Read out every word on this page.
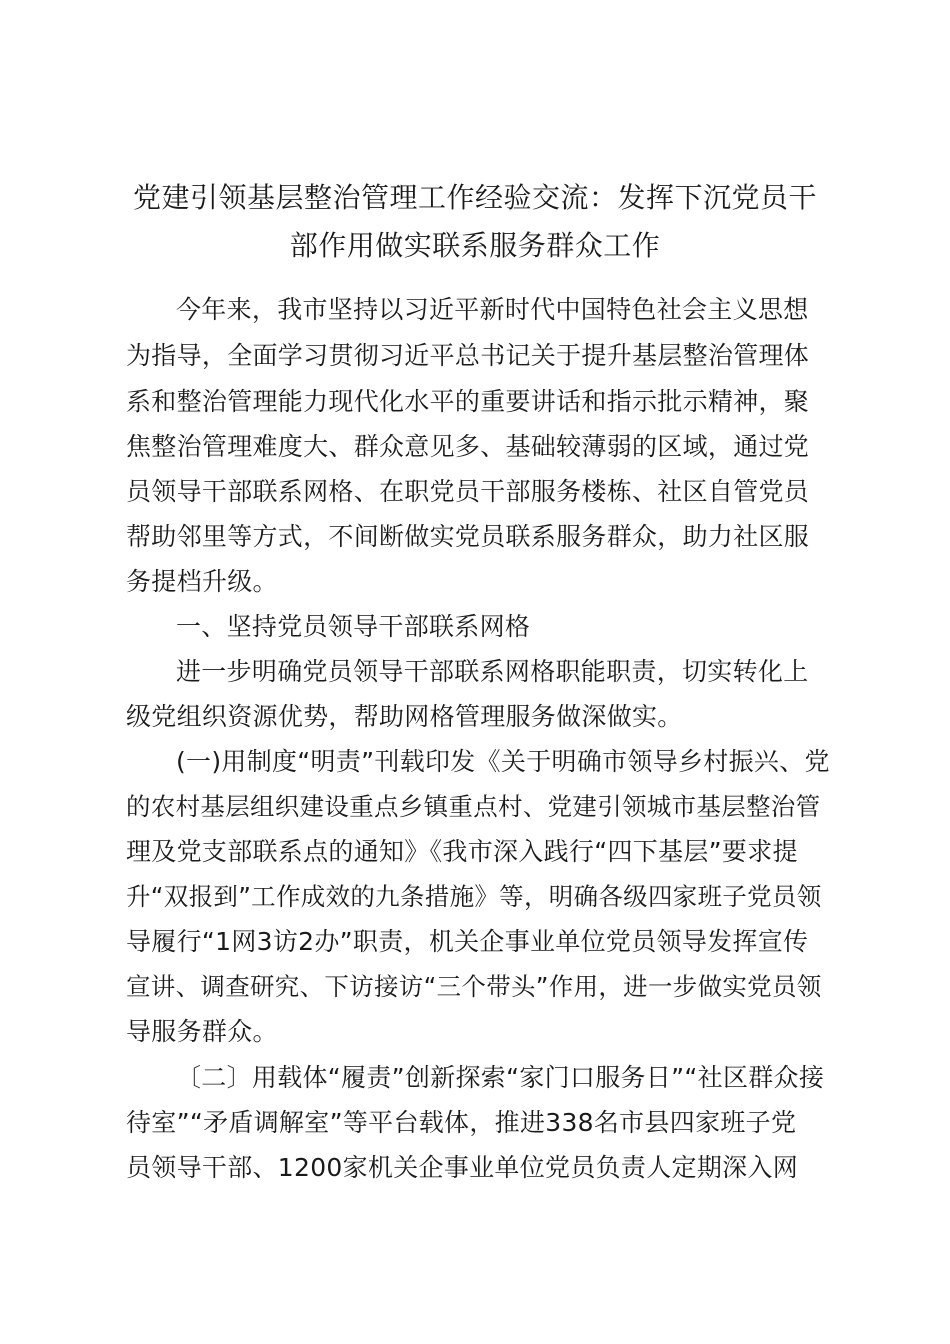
党建引领基层整治管理工作经验交流：发挥下沉党员干
部作用做实联系服务群众工作
今年来，我市坚持以习近平新时代中国特色社会主义思想
为指导，全面学习贯彻习近平总书记关于提升基层整治管理体
系和整治管理能力现代化水平的重要讲话和指示批示精神，聚
焦整治管理难度大、群众意见多、基础较薄弱的区域，通过党
员领导干部联系网格、在职党员干部服务楼栋、社区自管党员
帮助邻里等方式，不间断做实党员联系服务群众，助力社区服
务提档升级。
一、坚持党员领导干部联系网格
进一步明确党员领导干部联系网格职能职责，切实转化上
级党组织资源优势，帮助网格管理服务做深做实。
(一)用制度“明责”刊载印发《关于明确市领导乡村振兴、党
的农村基层组织建设重点乡镇重点村、党建引领城市基层整治管
理及党支部联系点的通知》《我市深入践行“四下基层”要求提
升“双报到”工作成效的九条措施》等，明确各级四家班子党员领
导履行“1网3访2办”职责，机关企事业单位党员领导发挥宣传
宣讲、调查研究、下访接访“三个带头”作用，进一步做实党员领
导服务群众。
〔二〕用载体“履责”创新探索“家门口服务日”“社区群众接
待室”“矛盾调解室”等平台载体，推进338名市县四家班子党
员领导干部、1200家机关企事业单位党员负责人定期深入网
